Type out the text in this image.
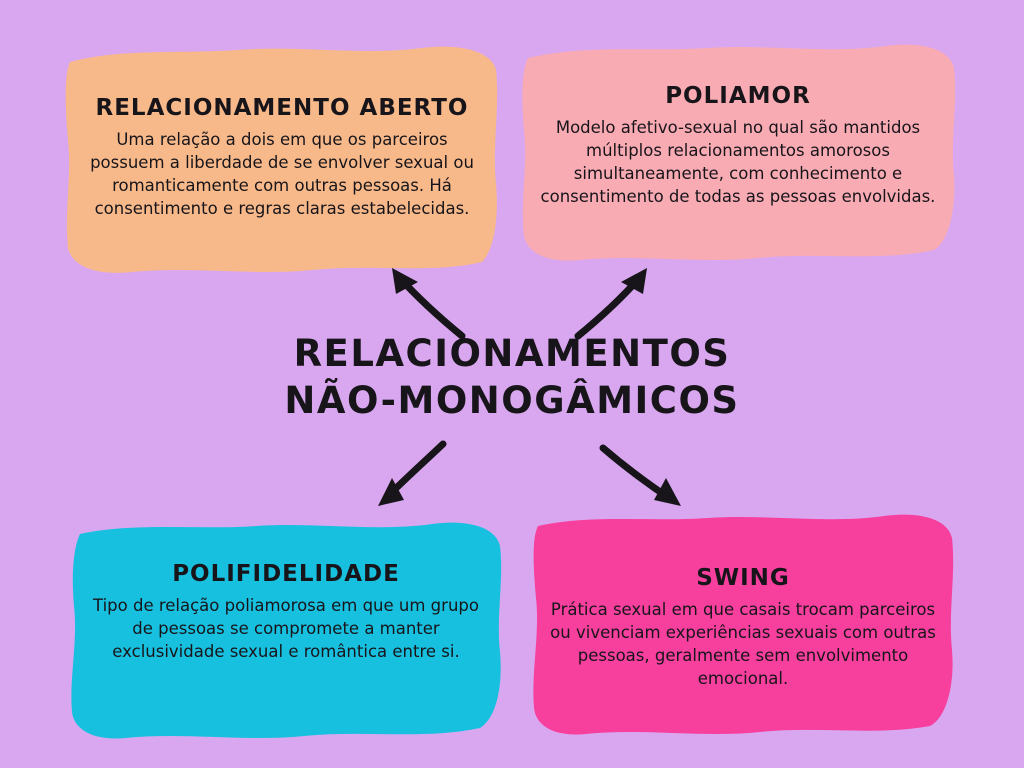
RELACIONAMENTO ABERTO
Uma relação a dois em que os parceiros possuem a liberdade de se envolver sexual ou romanticamente com outras pessoas. Há consentimento e regras claras estabelecidas.
POLIAMOR
Modelo afetivo-sexual no qual são mantidos múltiplos relacionamentos amorosos simultaneamente, com conhecimento e consentimento de todas as pessoas envolvidas.
RELACIONAMENTOS
NÃO-MONOGÂMICOS
POLIFIDELIDADE
Tipo de relação poliamorosa em que um grupo de pessoas se compromete a manter exclusividade sexual e romântica entre si.
SWING
Prática sexual em que casais trocam parceiros ou vivenciam experiências sexuais com outras pessoas, geralmente sem envolvimento emocional.
